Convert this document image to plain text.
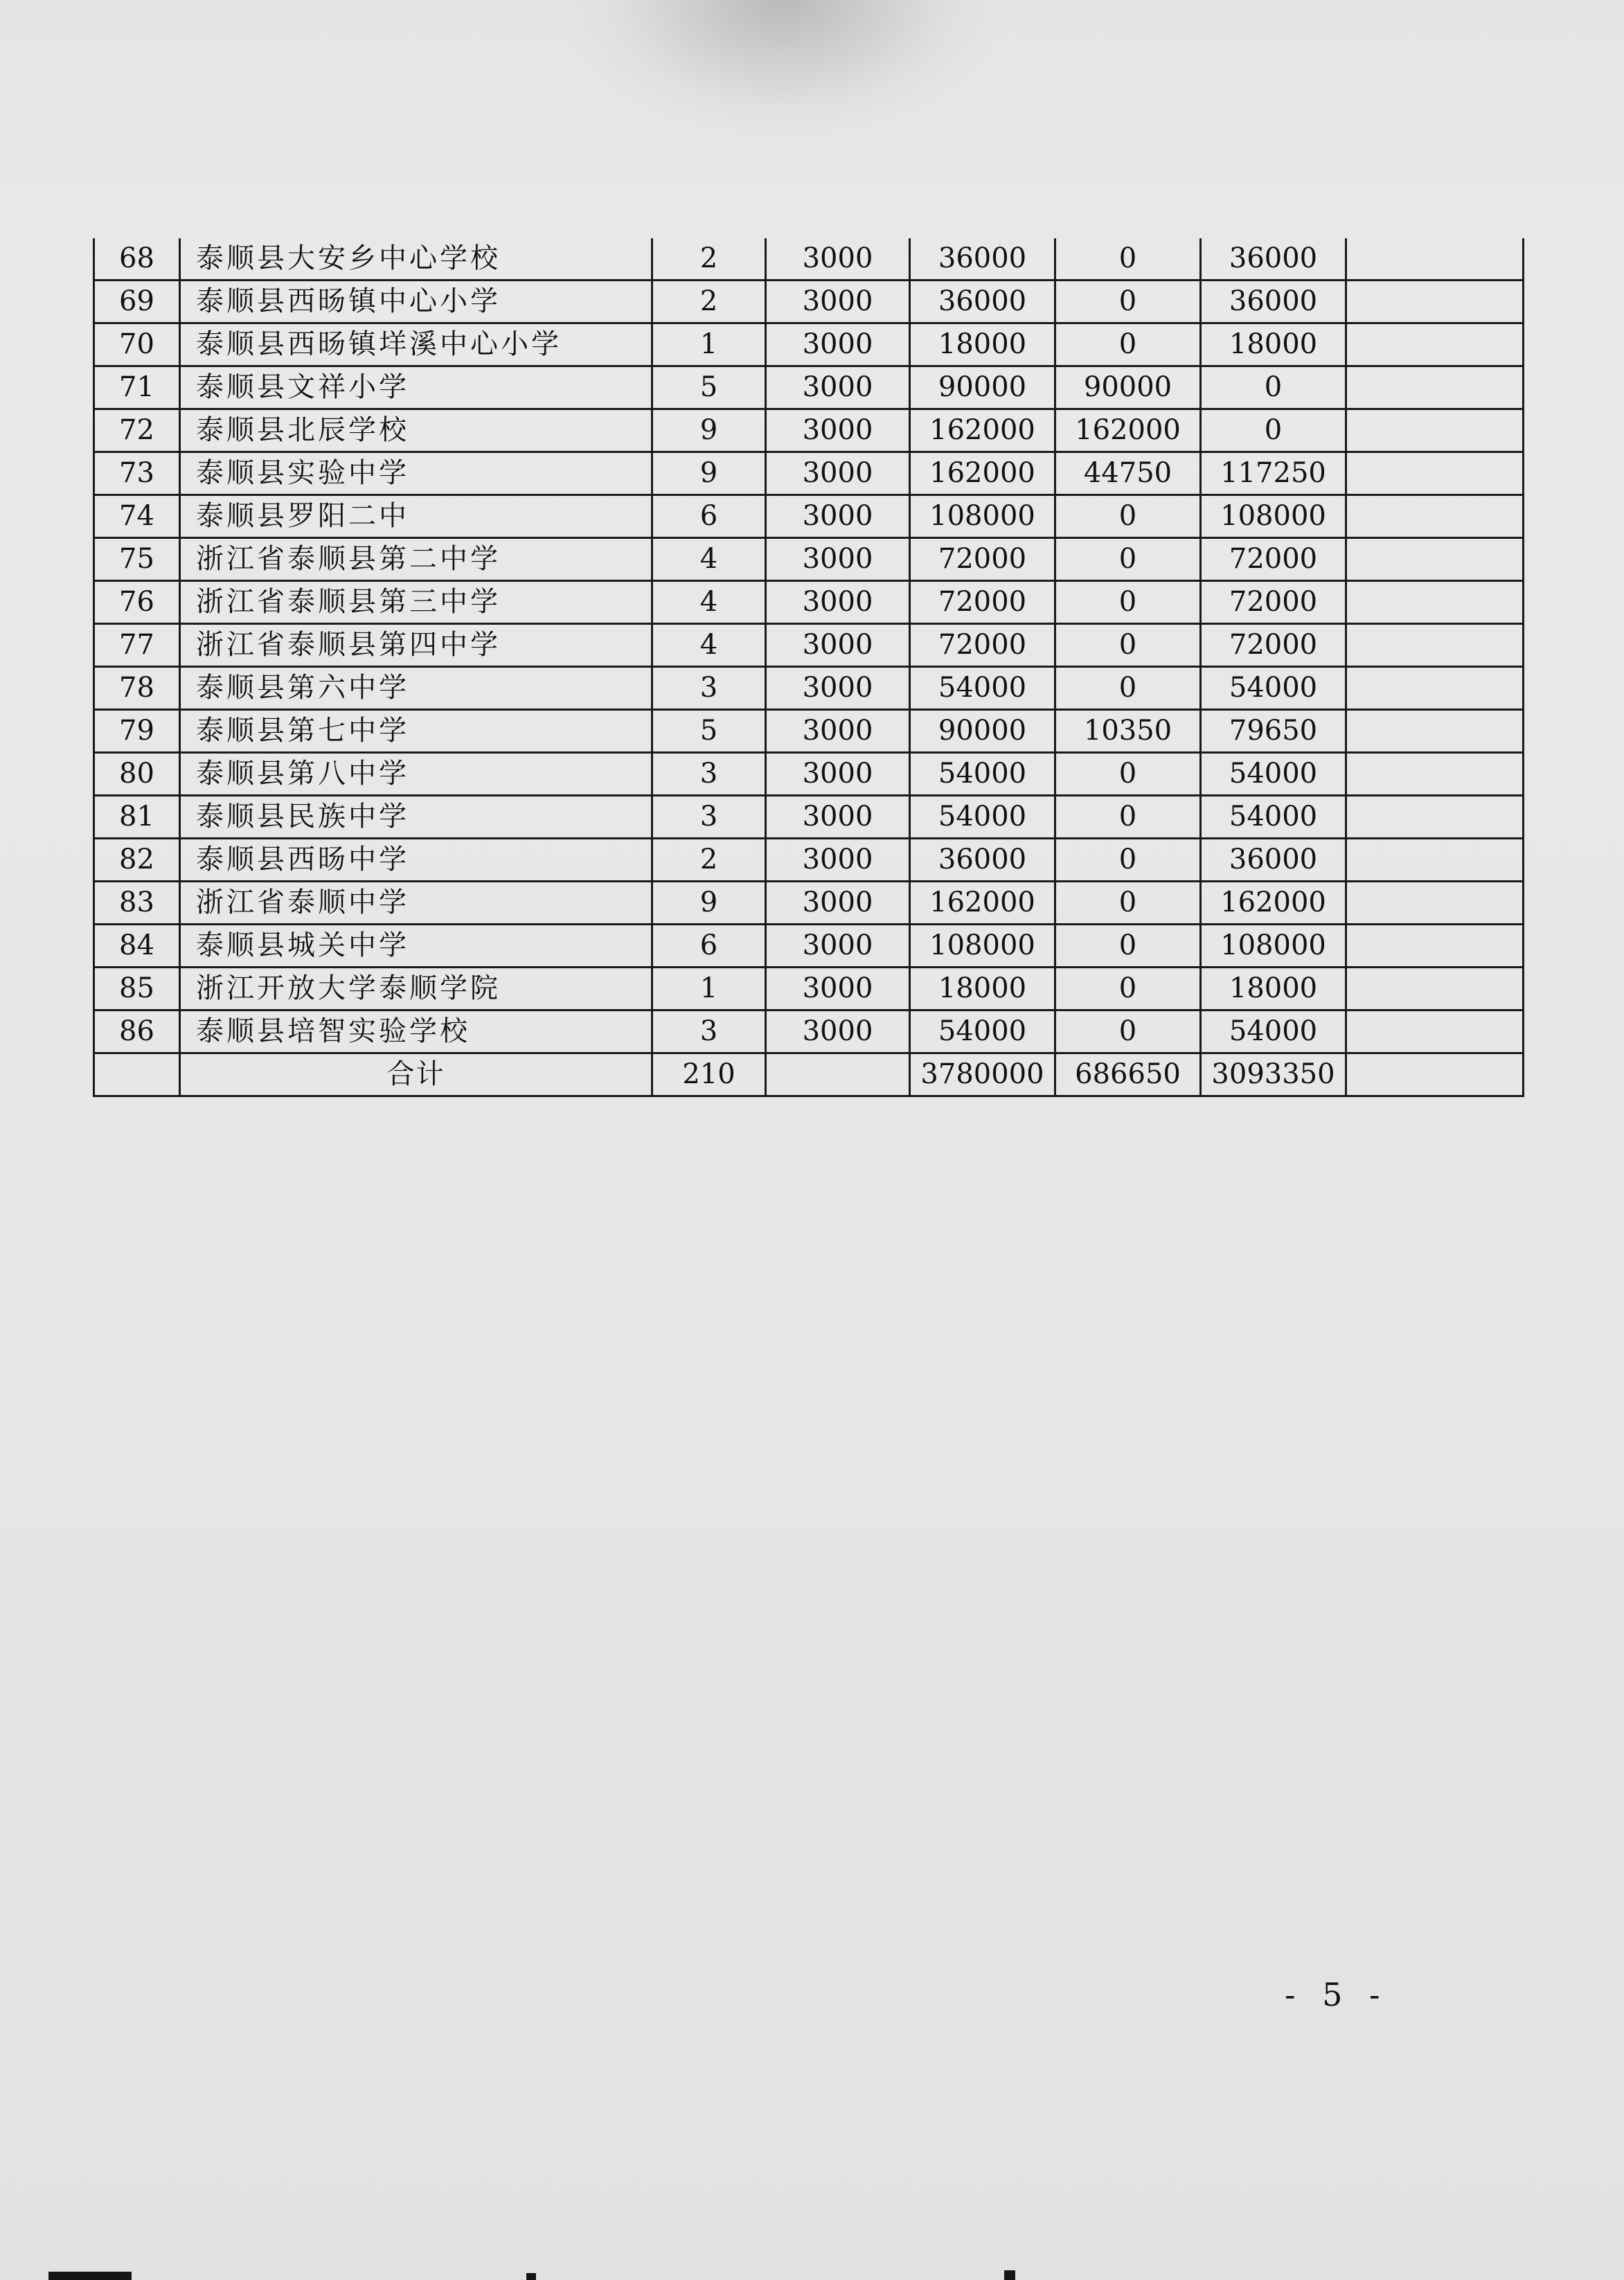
68	泰顺县大安乡中心学校	2	3000	36000	0	36000	
69	泰顺县西旸镇中心小学	2	3000	36000	0	36000	
70	泰顺县西旸镇垟溪中心小学	1	3000	18000	0	18000	
71	泰顺县文祥小学	5	3000	90000	90000	0	
72	泰顺县北辰学校	9	3000	162000	162000	0	
73	泰顺县实验中学	9	3000	162000	44750	117250	
74	泰顺县罗阳二中	6	3000	108000	0	108000	
75	浙江省泰顺县第二中学	4	3000	72000	0	72000	
76	浙江省泰顺县第三中学	4	3000	72000	0	72000	
77	浙江省泰顺县第四中学	4	3000	72000	0	72000	
78	泰顺县第六中学	3	3000	54000	0	54000	
79	泰顺县第七中学	5	3000	90000	10350	79650	
80	泰顺县第八中学	3	3000	54000	0	54000	
81	泰顺县民族中学	3	3000	54000	0	54000	
82	泰顺县西旸中学	2	3000	36000	0	36000	
83	浙江省泰顺中学	9	3000	162000	0	162000	
84	泰顺县城关中学	6	3000	108000	0	108000	
85	浙江开放大学泰顺学院	1	3000	18000	0	18000	
86	泰顺县培智实验学校	3	3000	54000	0	54000	
	合计	210		3780000	686650	3093350	
- 5 -
